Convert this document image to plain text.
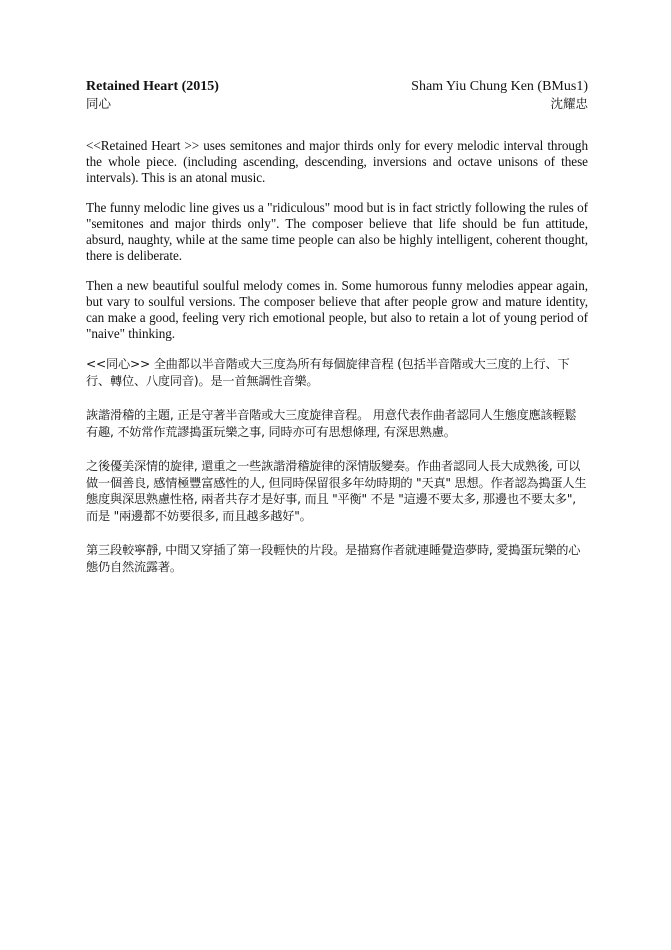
Retained Heart (2015)	Sham Yiu Chung Ken (BMus1)
同心	沈耀忠

<<Retained Heart >> uses semitones and major thirds only for every melodic interval through the whole piece. (including ascending, descending, inversions and octave unisons of these intervals). This is an atonal music.

The funny melodic line gives us a "ridiculous" mood but is in fact strictly following the rules of "semitones and major thirds only". The composer believe that life should be fun attitude, absurd, naughty, while at the same time people can also be highly intelligent, coherent thought, there is deliberate.

Then a new beautiful soulful melody comes in. Some humorous funny melodies appear again, but vary to soulful versions. The composer believe that after people grow and mature identity, can make a good, feeling very rich emotional people, but also to retain a lot of young period of "naive" thinking.

<<同心>> 全曲都以半音階或大三度為所有每個旋律音程 (包括半音階或大三度的上行、下行、轉位、八度同音)。是一首無調性音樂。

詼諧滑稽的主題, 正是守著半音階或大三度旋律音程。 用意代表作曲者認同人生態度應該輕鬆有趣, 不妨常作荒謬搗蛋玩樂之事, 同時亦可有思想條理, 有深思熟慮。

之後優美深情的旋律, 還重之一些詼諧滑稽旋律的深情版變奏。作曲者認同人長大成熟後, 可以做一個善良, 感情極豐富感性的人, 但同時保留很多年幼時期的 "天真" 思想。作者認為搗蛋人生態度與深思熟慮性格, 兩者共存才是好事, 而且 "平衡" 不是 "這邊不要太多, 那邊也不要太多", 而是 "兩邊都不妨要很多, 而且越多越好"。

第三段較寧靜, 中間又穿插了第一段輕快的片段。是描寫作者就連睡覺造夢時, 愛搗蛋玩樂的心態仍自然流露著。
